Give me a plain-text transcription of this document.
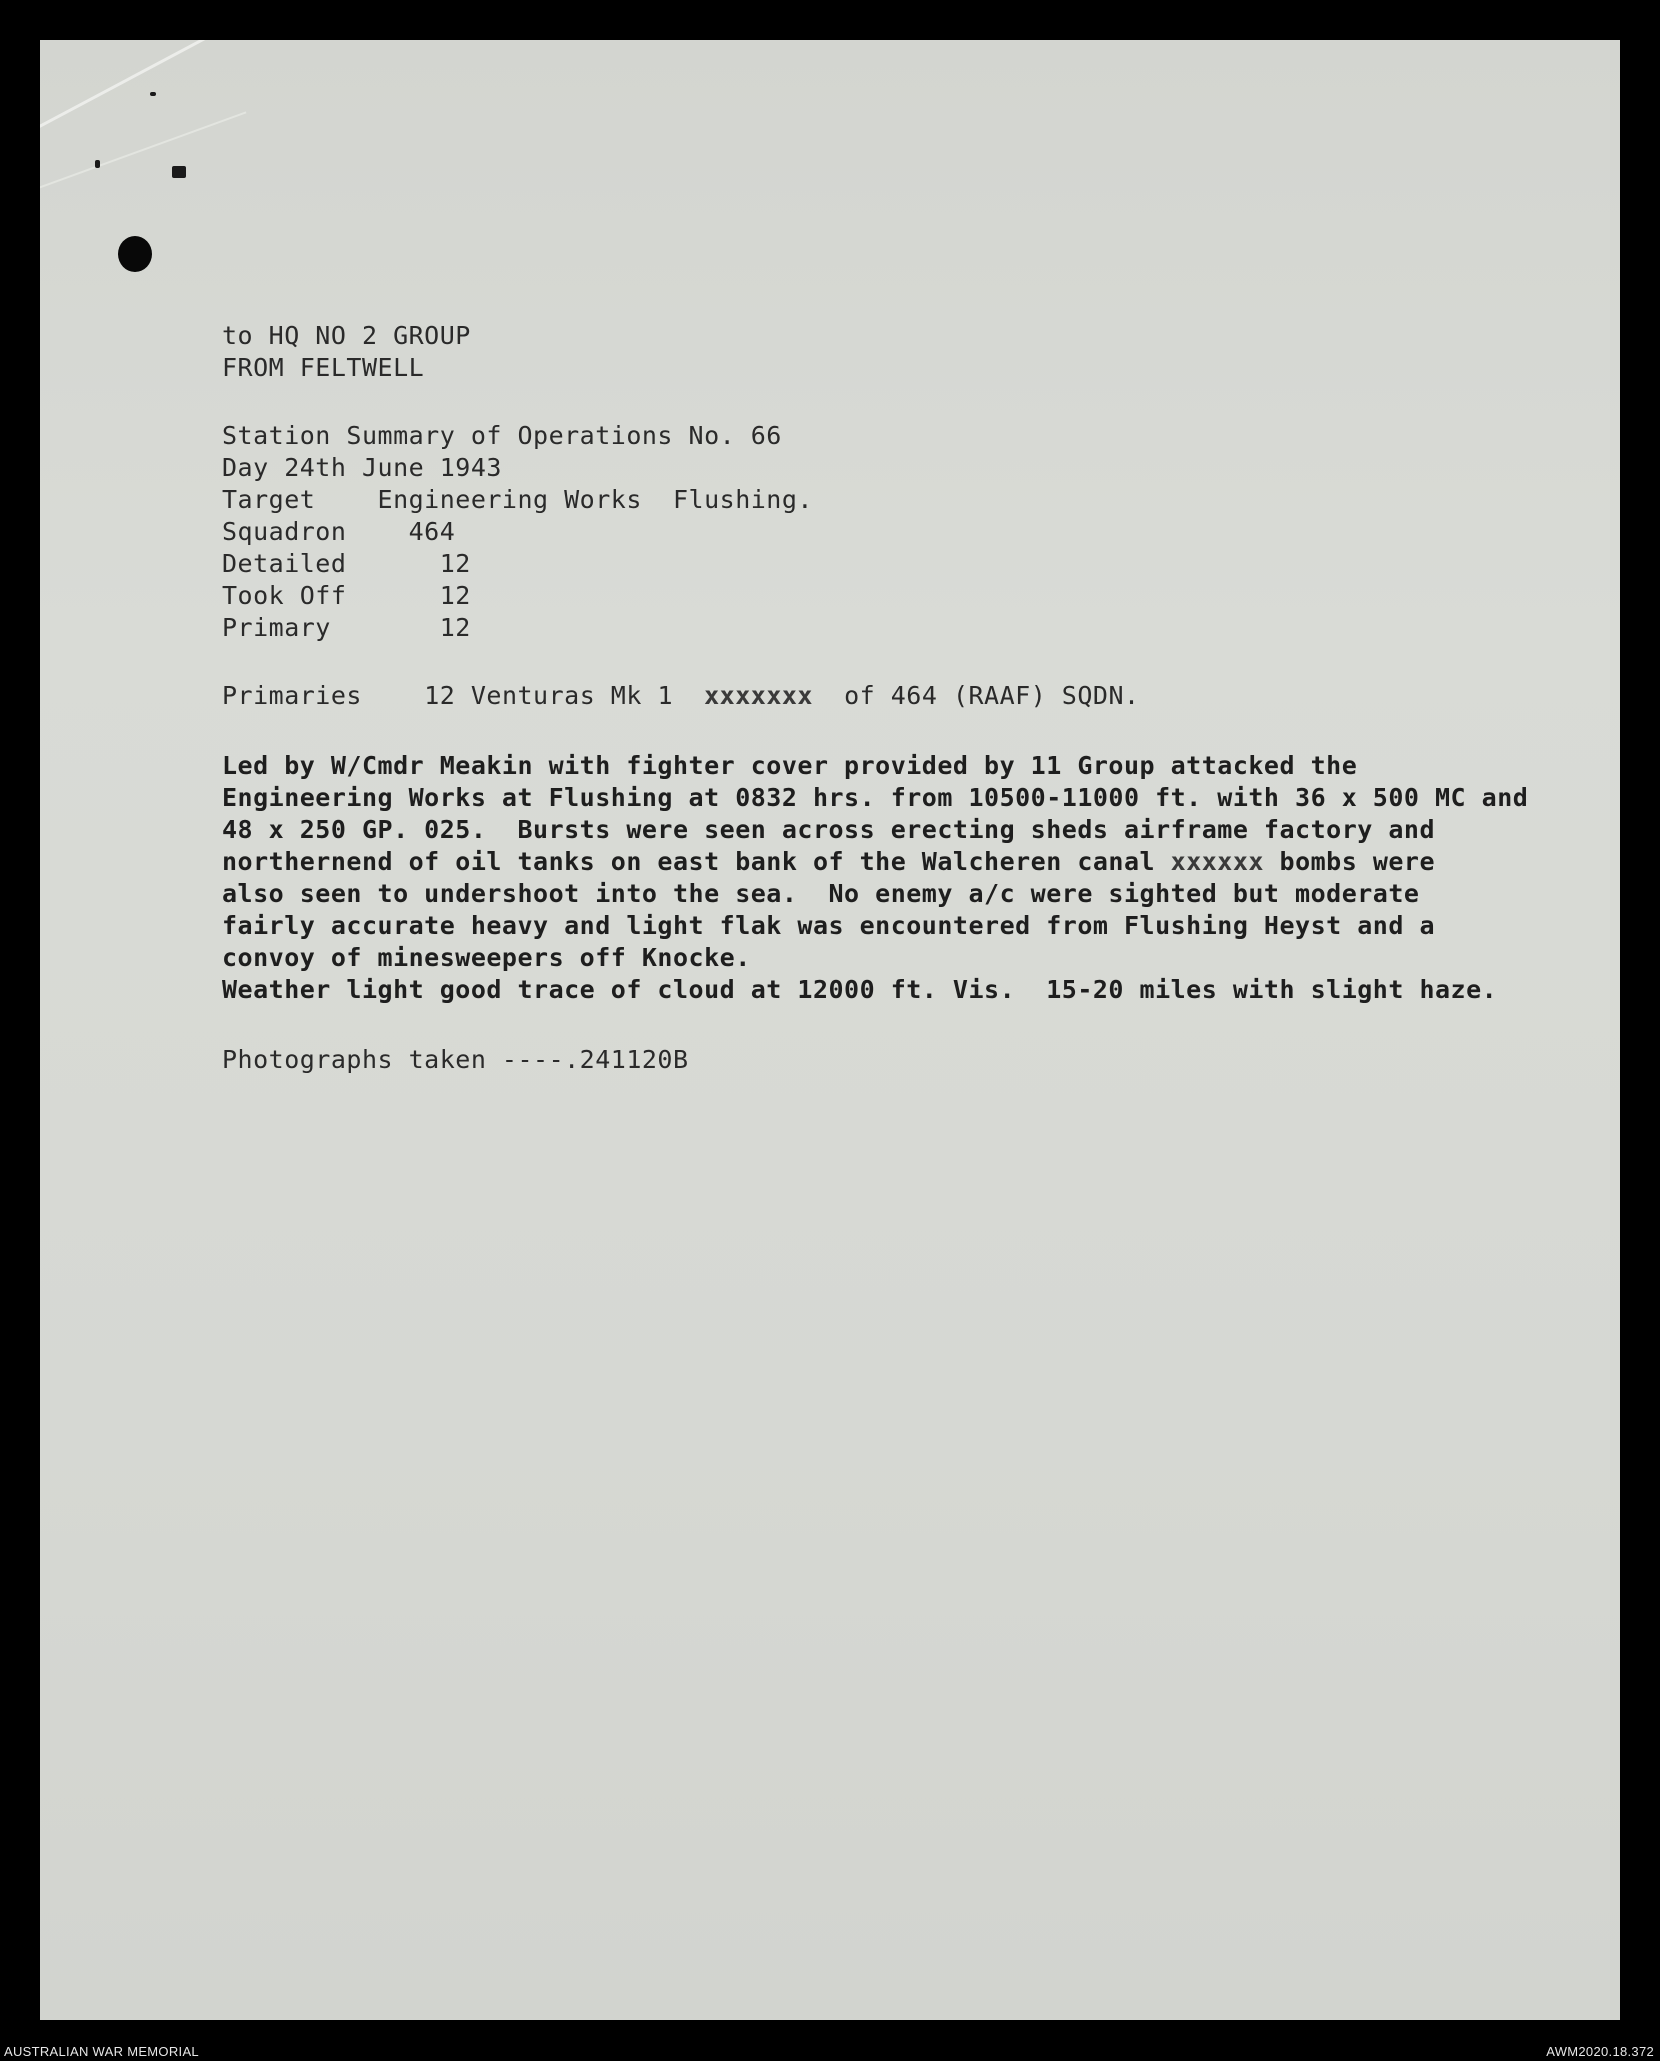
to HQ NO 2 GROUP

FROM FELTWELL

Station Summary of Operations No. 66

Day 24th June 1943

Target    Engineering Works  Flushing.

Squadron    464

Detailed      12

Took Off      12

Primary       12

Primaries 12 Venturas Mk 1 xxxxxxx of 464 (RAAF) SQDN.

Led by W/Cmdr Meakin with fighter cover provided by 11 Group attacked the

Engineering Works at Flushing at 0832 hrs. from 10500-11000 ft. with 36 x 500 MC and

48 x 250 GP. 025.  Bursts were seen across erecting sheds airframe factory and

northernend of oil tanks on east bank of the Walcheren canal xxxxxx bombs were

also seen to undershoot into the sea.  No enemy a/c were sighted but moderate

fairly accurate heavy and light flak was encountered from Flushing Heyst and a

convoy of minesweepers off Knocke.

Weather light good trace of cloud at 12000 ft. Vis.  15-20 miles with slight haze.

Photographs taken ----.241120B

AUSTRALIAN WAR MEMORIAL	AWM2020.18.372
